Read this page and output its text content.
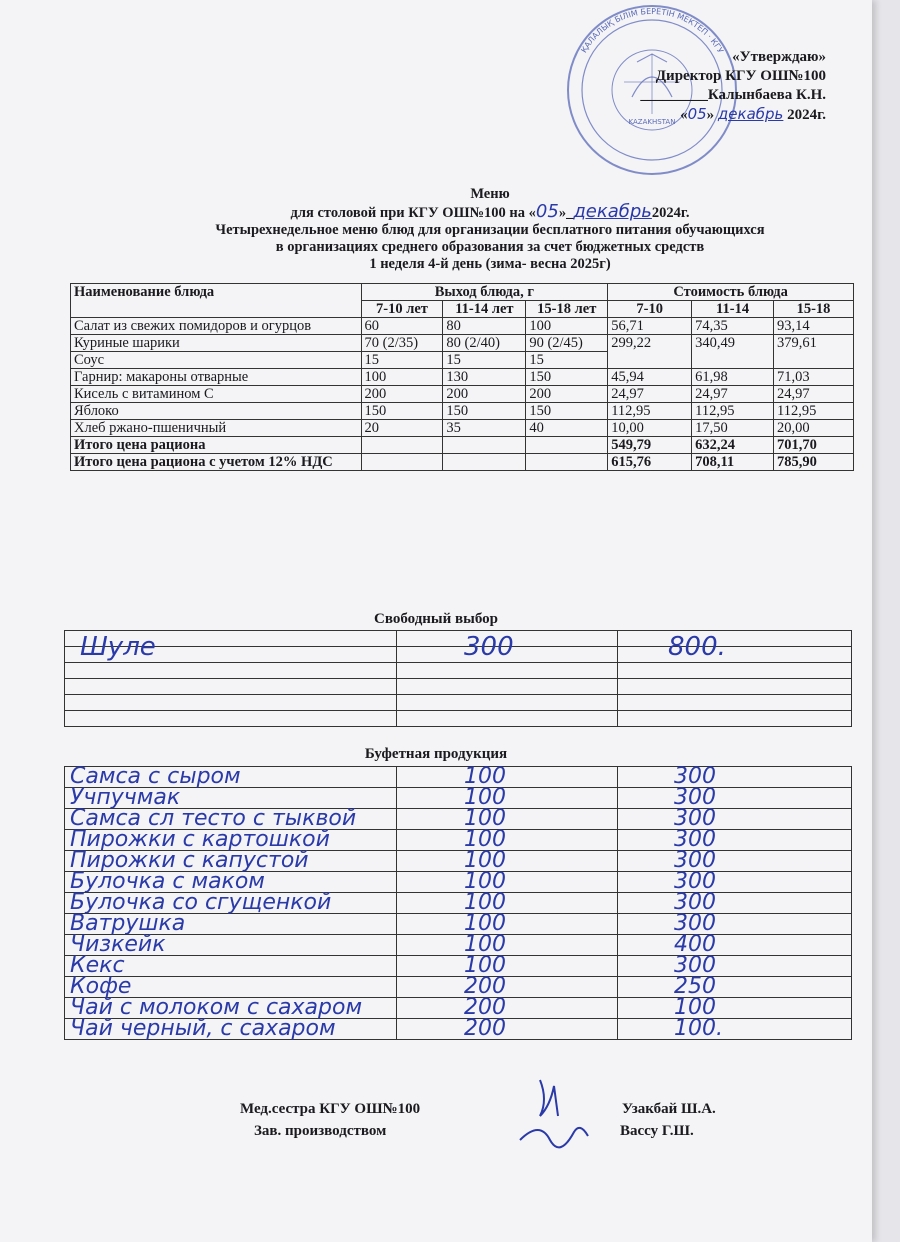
KAZAKHSTAN
ҚАЛАЛЫҚ БІЛІМ БЕРЕТІН МЕКТЕП · КГУ «Утверждаю»
Директор КГУ ОШ№100
_________Калынбаева К.Н.
«05» декабрь 2024г.
Меню
для столовой при КГУ ОШ№100 на «05»_декабрь2024г.
Четырехнедельное меню блюд для организации бесплатного питания обучающихся
в организациях среднего образования за счет бюджетных средств
1 неделя 4-й день (зима- весна 2025г)
Наименование блюда	Выход блюда, г			Стоимость блюда		
	7-10 лет	11-14 лет	15-18 лет	7-10	11-14	15-18
Салат из свежих помидоров и огурцов	60	80	100	56,71	74,35	93,14
Куриные шарики	70 (2/35)	80 (2/40)	90 (2/45)	299,22	340,49	379,61
Соус	15	15	15			
Гарнир: макароны отварные	100	130	150	45,94	61,98	71,03
Кисель с витамином С	200	200	200	24,97	24,97	24,97
Яблоко	150	150	150	112,95	112,95	112,95
Хлеб ржано-пшеничный	20	35	40	10,00	17,50	20,00
Итого цена рациона				549,79	632,24	701,70
Итого цена рациона с учетом 12% НДС				615,76	708,11	785,90
Свободный выбор

Шуле	300	800.
Буфетная продукция

Самса с сыром	100	300
Учпучмак	100	300
Самса сл тесто с тыквой	100	300
Пирожки с картошкой	100	300
Пирожки с капустой	100	300
Булочка с маком	100	300
Булочка со сгущенкой	100	300
Ватрушка	100	300
Чизкейк	100	400
Кекс	100	300
Кофе	200	250
Чай с молоком с сахаром	200	100
Чай черный, с сахаром	200	100.
Мед.сестра КГУ ОШ№100	Узакбай Ш.А.
Зав. производством	Вассу Г.Ш.
